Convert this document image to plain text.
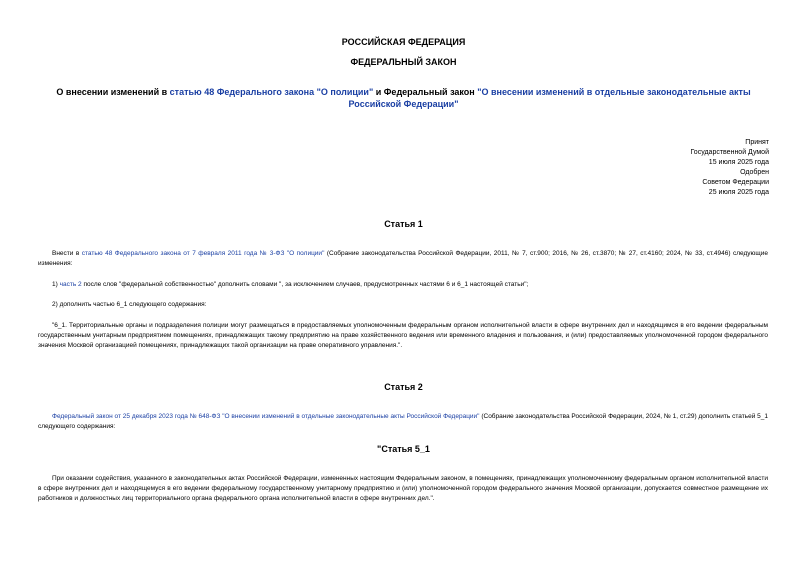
РОССИЙСКАЯ ФЕДЕРАЦИЯ
ФЕДЕРАЛЬНЫЙ ЗАКОН
О внесении изменений в статью 48 Федерального закона "О полиции" и Федеральный закон "О внесении изменений в отдельные законодательные акты Российской Федерации"
Принят
Государственной Думой
15 июля 2025 года
Одобрен
Советом Федерации
25 июля 2025 года
Статья 1
Внести в статью 48 Федерального закона от 7 февраля 2011 года № 3-ФЗ "О полиции" (Собрание законодательства Российской Федерации, 2011, № 7, ст.900; 2016, № 26, ст.3870; № 27, ст.4160; 2024, № 33, ст.4946) следующие изменения:
1) часть 2 после слов "федеральной собственностью" дополнить словами ", за исключением случаев, предусмотренных частями 6 и 6_1 настоящей статьи";
2) дополнить частью 6_1 следующего содержания:
"6_1. Территориальные органы и подразделения полиции могут размещаться в предоставляемых уполномоченным федеральным органом исполнительной власти в сфере внутренних дел и находящимся в его ведении федеральным государственным унитарным предприятием помещениях, принадлежащих такому предприятию на праве хозяйственного ведения или временного владения и пользования, и (или) предоставляемых уполномоченной городом федерального значения Москвой организацией помещениях, принадлежащих такой организации на праве оперативного управления.".
Статья 2
Федеральный закон от 25 декабря 2023 года № 648-ФЗ "О внесении изменений в отдельные законодательные акты Российской Федерации" (Собрание законодательства Российской Федерации, 2024, № 1, ст.29) дополнить статьей 5_1 следующего содержания:
"Статья 5_1
При оказании содействия, указанного в законодательных актах Российской Федерации, измененных настоящим Федеральным законом, в помещениях, принадлежащих уполномоченному федеральным органом исполнительной власти в сфере внутренних дел и находящемуся в его ведении федеральному государственному унитарному предприятию и (или) уполномоченной городом федерального значения Москвой организации, допускается совместное размещение их работников и должностных лиц территориального органа федерального органа исполнительной власти в сфере внутренних дел.".
